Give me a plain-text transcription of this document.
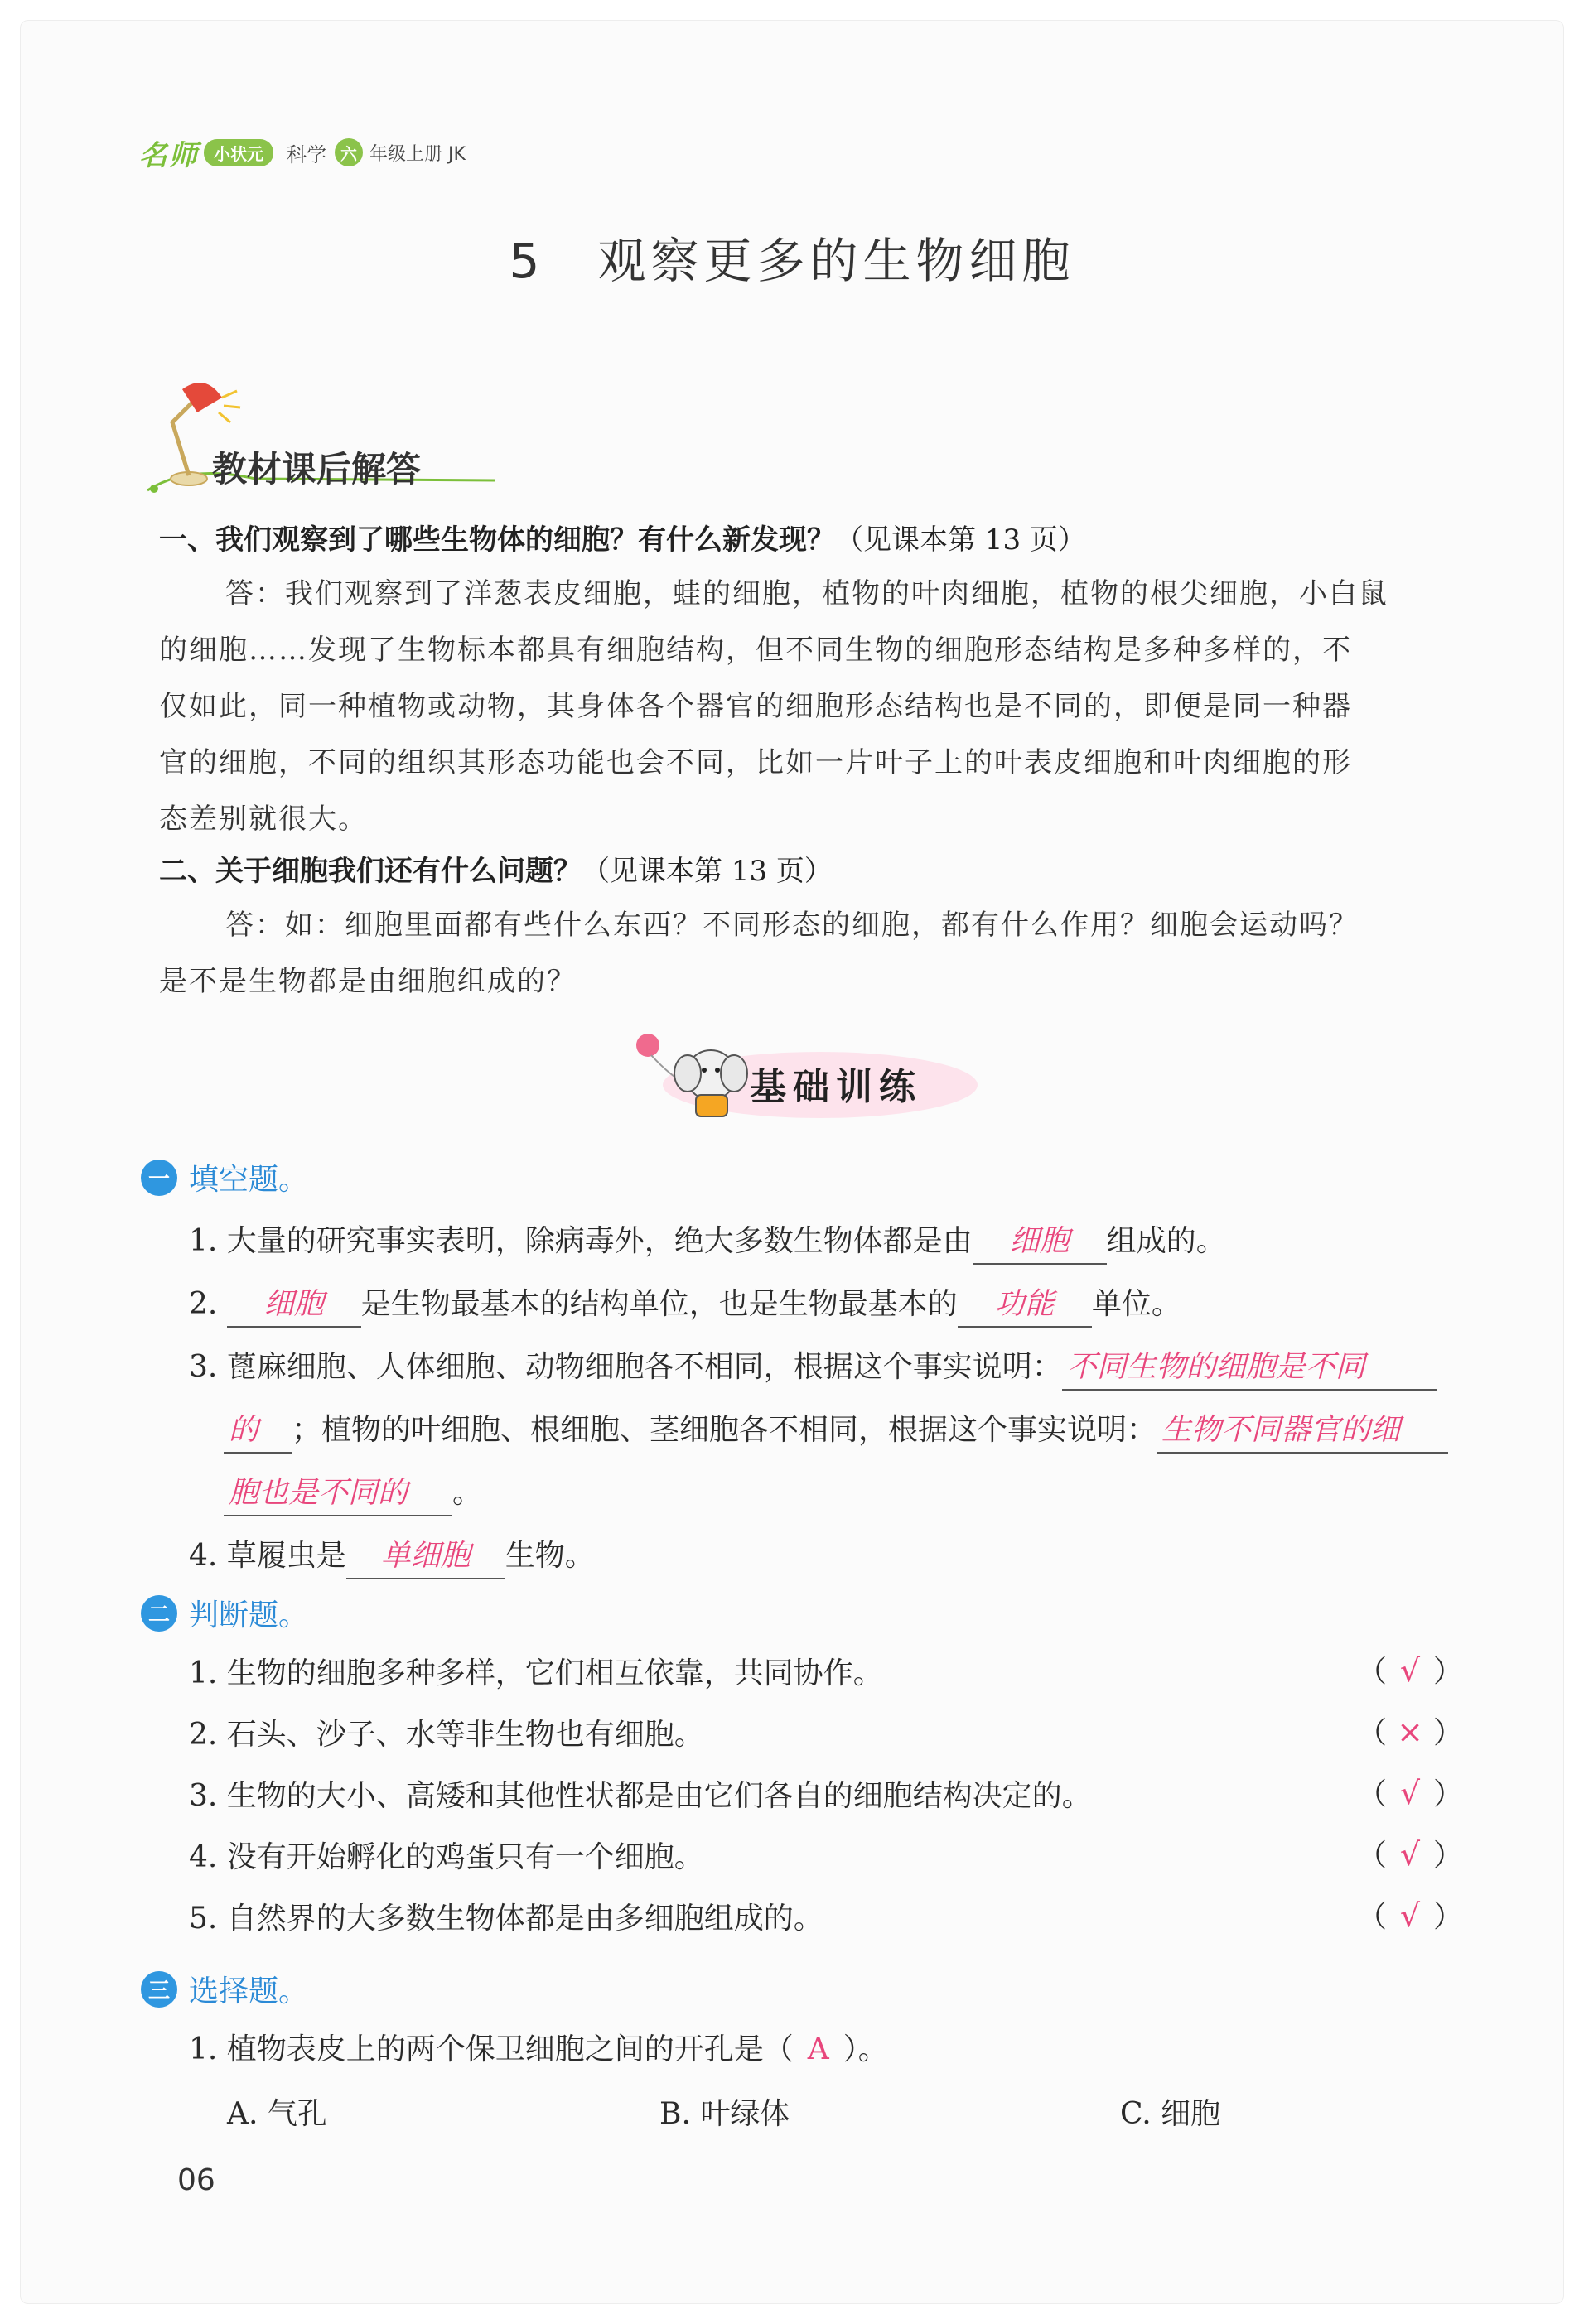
名师 小状元	科学 六 年级上册 JK
5　观察更多的生物细胞
教材课后解答
一、我们观察到了哪些生物体的细胞？有什么新发现？（见课本第 13 页）
答：我们观察到了洋葱表皮细胞，蛙的细胞，植物的叶肉细胞，植物的根尖细胞，小白鼠
的细胞……发现了生物标本都具有细胞结构，但不同生物的细胞形态结构是多种多样的，不
仅如此，同一种植物或动物，其身体各个器官的细胞形态结构也是不同的，即便是同一种器
官的细胞，不同的组织其形态功能也会不同，比如一片叶子上的叶表皮细胞和叶肉细胞的形
态差别就很大。
二、关于细胞我们还有什么问题？（见课本第 13 页）
答：如：细胞里面都有些什么东西？不同形态的细胞，都有什么作用？细胞会运动吗？
是不是生物都是由细胞组成的？
基础训练
一 填空题。
1. 大量的研究事实表明，除病毒外，绝大多数生物体都是由 细胞 组成的。
2. 细胞 是生物最基本的结构单位，也是生物最基本的 功能 单位。
3. 蓖麻细胞、人体细胞、动物细胞各不相同，根据这个事实说明： 不同生物的细胞是不同
的 ；植物的叶细胞、根细胞、茎细胞各不相同，根据这个事实说明： 生物不同器官的细
胞也是不同的 。
4. 草履虫是 单细胞 生物。
二 判断题。
1. 生物的细胞多种多样，它们相互依靠，共同协作。	（ √ ）
2. 石头、沙子、水等非生物也有细胞。	（ × ）
3. 生物的大小、高矮和其他性状都是由它们各自的细胞结构决定的。	（ √ ）
4. 没有开始孵化的鸡蛋只有一个细胞。	（ √ ）
5. 自然界的大多数生物体都是由多细胞组成的。	（ √ ）
三 选择题。
1. 植物表皮上的两个保卫细胞之间的开孔是（ A ）。
A. 气孔	B. 叶绿体	C. 细胞
06
